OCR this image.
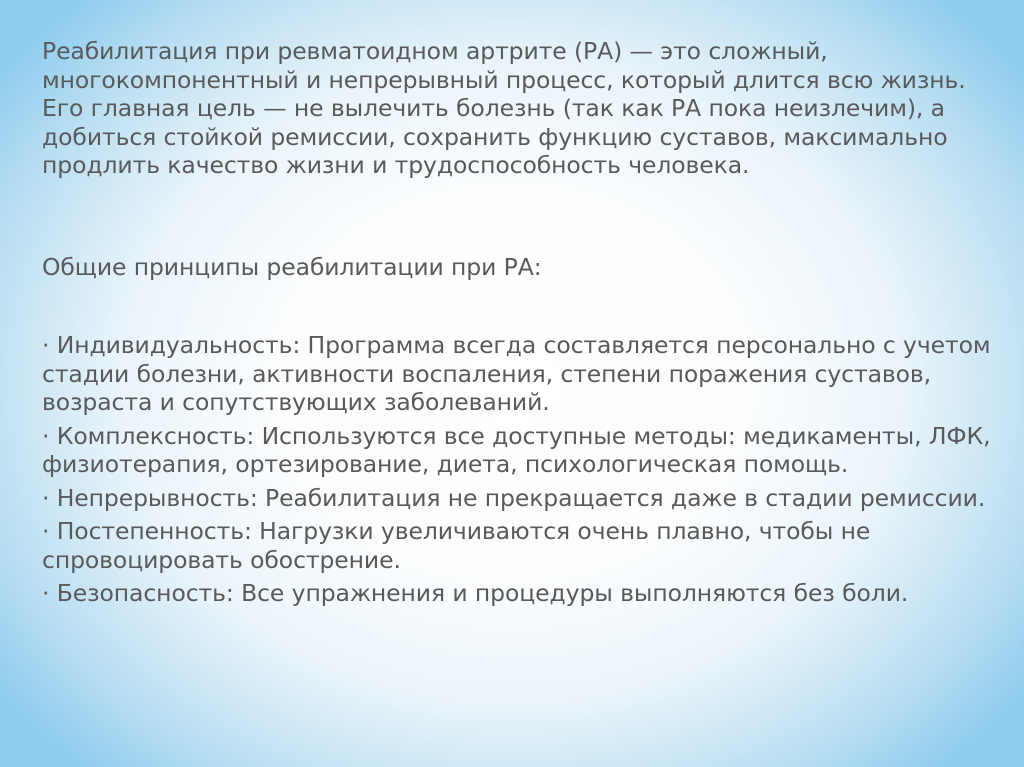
Реабилитация при ревматоидном артрите (РА) — это сложный, многокомпонентный и непрерывный процесс, который длится всю жизнь. Его главная цель — не вылечить болезнь (так как РА пока неизлечим), а добиться стойкой ремиссии, сохранить функцию суставов, максимально продлить качество жизни и трудоспособность человека.

Общие принципы реабилитации при РА:

· Индивидуальность: Программа всегда составляется персонально с учетом стадии болезни, активности воспаления, степени поражения суставов, возраста и сопутствующих заболеваний.

· Комплексность: Используются все доступные методы: медикаменты, ЛФК, физиотерапия, ортезирование, диета, психологическая помощь.

· Непрерывность: Реабилитация не прекращается даже в стадии ремиссии.

· Постепенность: Нагрузки увеличиваются очень плавно, чтобы не спровоцировать обострение.

· Безопасность: Все упражнения и процедуры выполняются без боли.
